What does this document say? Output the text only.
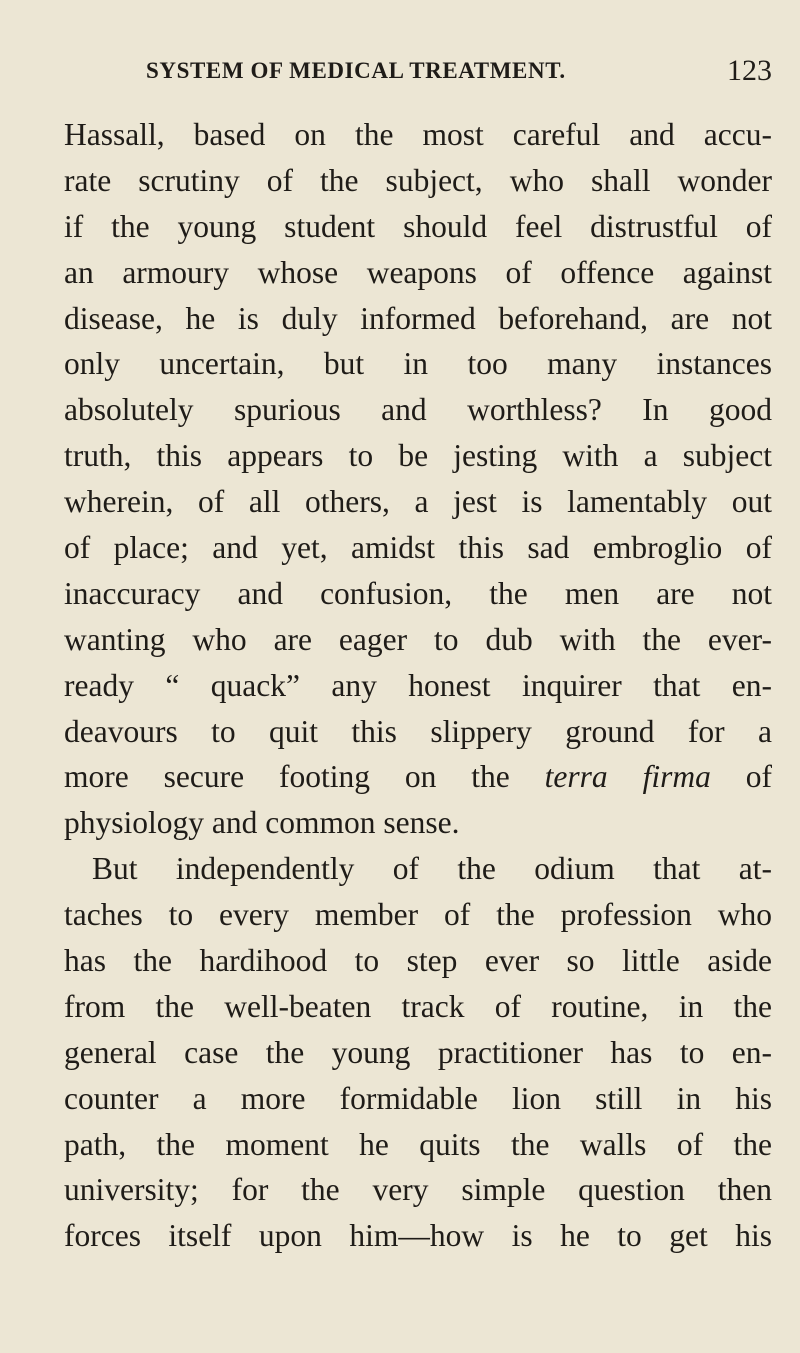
SYSTEM OF MEDICAL TREATMENT.	123
Hassall, based on the most careful and accu-
rate scrutiny of the subject, who shall wonder
if the young student should feel distrustful of
an armoury whose weapons of offence against
disease, he is duly informed beforehand, are not
only uncertain, but in too many instances
absolutely spurious and worthless? In good
truth, this appears to be jesting with a subject
wherein, of all others, a jest is lamentably out
of place; and yet, amidst this sad embroglio of
inaccuracy and confusion, the men are not
wanting who are eager to dub with the ever-
ready “ quack” any honest inquirer that en-
deavours to quit this slippery ground for a
more secure footing on the terra firma of
physiology and common sense.
But independently of the odium that at-
taches to every member of the profession who
has the hardihood to step ever so little aside
from the well-beaten track of routine, in the
general case the young practitioner has to en-
counter a more formidable lion still in his
path, the moment he quits the walls of the
university; for the very simple question then
forces itself upon him—how is he to get his
